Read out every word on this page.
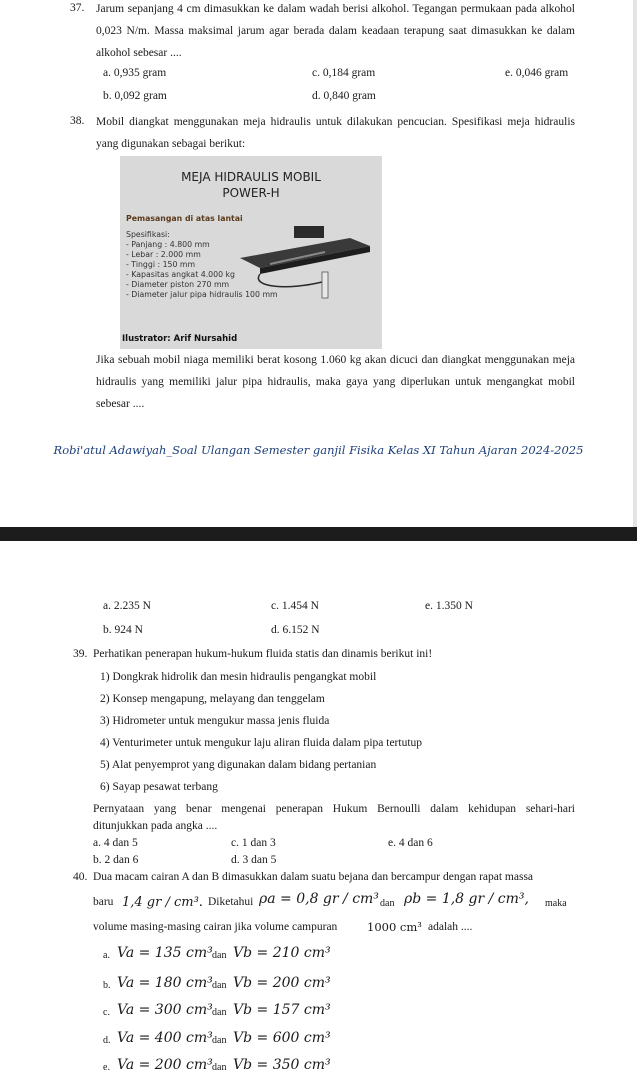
37. Jarum sepanjang 4 cm dimasukkan ke dalam wadah berisi alkohol. Tegangan permukaan pada alkohol 0,023 N/m. Massa maksimal jarum agar berada dalam keadaan terapung saat dimasukkan ke dalam alkohol sebesar ....
a. 0,935 gram	c. 0,184 gram	e. 0,046 gram
b. 0,092 gram	d. 0,840 gram
38. Mobil diangkat menggunakan meja hidraulis untuk dilakukan pencucian. Spesifikasi meja hidraulis yang digunakan sebagai berikut:
MEJA HIDRAULIS MOBIL
POWER-H
Pemasangan di atas lantai
Spesifikasi:
- Panjang : 4.800 mm
- Lebar : 2.000 mm
- Tinggi : 150 mm
- Kapasitas angkat 4.000 kg
- Diameter piston 270 mm
- Diameter jalur pipa hidraulis 100 mm
Ilustrator: Arif Nursahid
Jika sebuah mobil niaga memiliki berat kosong 1.060 kg akan dicuci dan diangkat menggunakan meja hidraulis yang memiliki jalur pipa hidraulis, maka gaya yang diperlukan untuk mengangkat mobil sebesar ....
Robi'atul Adawiyah_Soal Ulangan Semester ganjil Fisika Kelas XI Tahun Ajaran 2024-2025
a. 2.235 N	c. 1.454 N	e. 1.350 N
b. 924 N	d. 6.152 N
39. Perhatikan penerapan hukum-hukum fluida statis dan dinamis berikut ini!
1) Dongkrak hidrolik dan mesin hidraulis pengangkat mobil
2) Konsep mengapung, melayang dan tenggelam
3) Hidrometer untuk mengukur massa jenis fluida
4) Venturimeter untuk mengukur laju aliran fluida dalam pipa tertutup
5) Alat penyemprot yang digunakan dalam bidang pertanian
6) Sayap pesawat terbang
Pernyataan yang benar mengenai penerapan Hukum Bernoulli dalam kehidupan sehari-hari
ditunjukkan pada angka ....
a. 4 dan 5	c. 1 dan 3	e. 4 dan 6
b. 2 dan 6	d. 3 dan 5
40. Dua macam cairan A dan B dimasukkan dalam suatu bejana dan bercampur dengan rapat massa
baru 1,4 gr / cm³. Diketahui ρa = 0,8 gr / cm³ dan ρb = 1,8 gr / cm³, maka
volume masing-masing cairan jika volume campuran	1000 cm³ adalah ....
a. Va = 135 cm³ dan Vb = 210 cm³
b. Va = 180 cm³ dan Vb = 200 cm³
c. Va = 300 cm³ dan Vb = 157 cm³
d. Va = 400 cm³ dan Vb = 600 cm³
e. Va = 200 cm³ dan Vb = 350 cm³
